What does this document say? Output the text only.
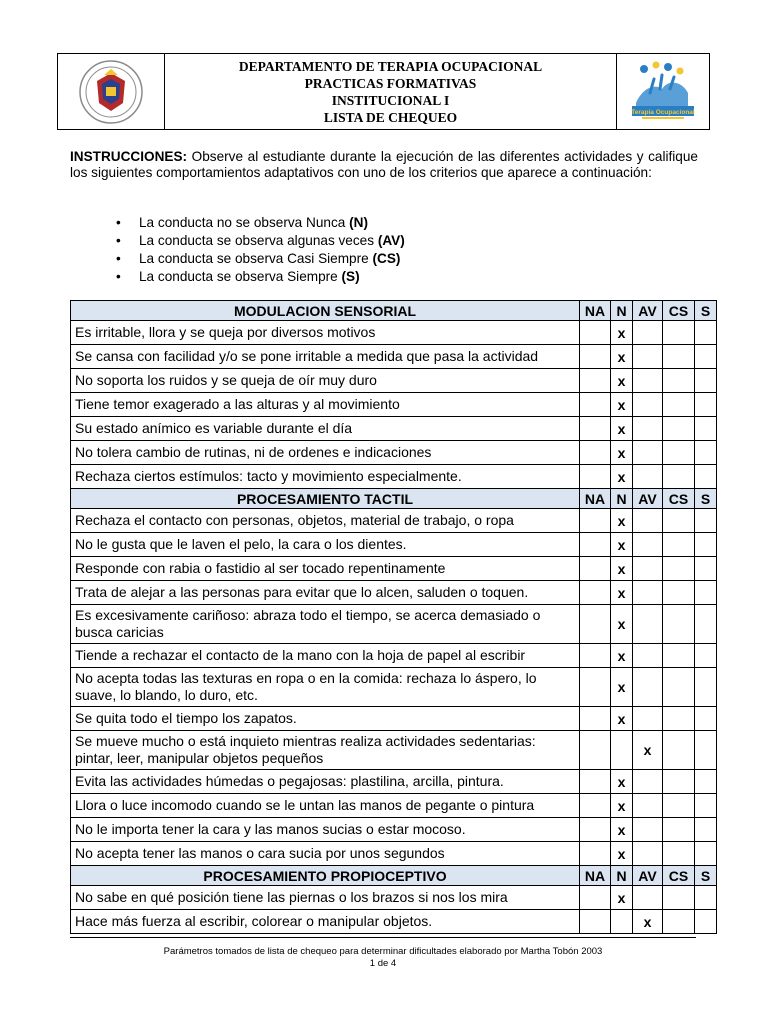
DEPARTAMENTO DE TERAPIA OCUPACIONAL
PRACTICAS FORMATIVAS
INSTITUCIONAL I
LISTA DE CHEQUEO	Terapia Ocupacional
INSTRUCCIONES: Observe al estudiante durante la ejecución de las diferentes actividades y califique los siguientes comportamientos adaptativos con uno de los criterios que aparece a continuación:
• La conducta no se observa Nunca (N)
• La conducta se observa algunas veces (AV)
• La conducta se observa Casi Siempre (CS)
• La conducta se observa Siempre (S)
MODULACION SENSORIAL	NA	N	AV	CS	S
Es irritable, llora y se queja por diversos motivos		x			
Se cansa con facilidad y/o se pone irritable a medida que pasa la actividad		x			
No soporta los ruidos y se queja de oír muy duro		x			
Tiene temor exagerado a las alturas y al movimiento		x			
Su estado anímico es variable durante el día		x			
No tolera cambio de rutinas, ni de ordenes e indicaciones		x			
Rechaza ciertos estímulos: tacto y movimiento especialmente.		x			
PROCESAMIENTO TACTIL	NA	N	AV	CS	S
Rechaza el contacto con personas, objetos, material de trabajo, o ropa		x			
No le gusta que le laven el pelo, la cara o los dientes.		x			
Responde con rabia o fastidio al ser tocado repentinamente		x			
Trata de alejar a las personas para evitar que lo alcen, saluden o toquen.		x			
Es excesivamente cariñoso: abraza todo el tiempo, se acerca demasiado o busca caricias		x			
Tiende a rechazar el contacto de la mano con la hoja de papel al escribir		x			
No acepta todas las texturas en ropa o en la comida: rechaza lo áspero, lo suave, lo blando, lo duro, etc.		x			
Se quita todo el tiempo los zapatos.		x			
Se mueve mucho o está inquieto mientras realiza actividades sedentarias: pintar, leer, manipular objetos pequeños			x		
Evita las actividades húmedas o pegajosas: plastilina, arcilla, pintura.		x			
Llora o luce incomodo cuando se le untan las manos de pegante o pintura		x			
No le importa tener la cara y las manos sucias o estar mocoso.		x			
No acepta tener las manos o cara sucia por unos segundos		x			
PROCESAMIENTO PROPIOCEPTIVO	NA	N	AV	CS	S
No sabe en qué posición tiene las piernas o los brazos si nos los mira		x			
Hace más fuerza al escribir, colorear o manipular objetos.			x		
Parámetros tomados de lista de chequeo para determinar dificultades elaborado por Martha Tobón 2003
1 de 4
